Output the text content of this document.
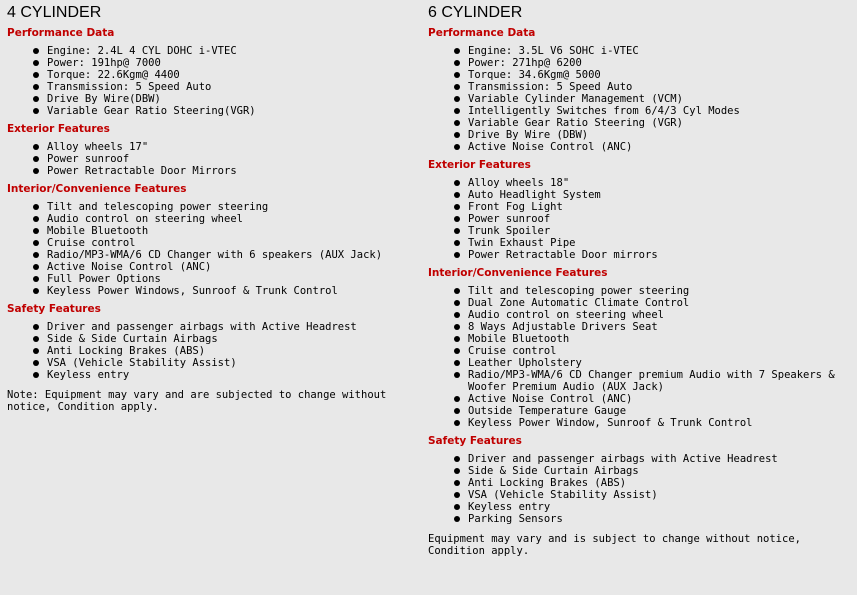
4 CYLINDER
Performance Data
Engine: 2.4L 4 CYL DOHC i-VTEC
Power: 191hp@ 7000
Torque: 22.6Kgm@ 4400
Transmission: 5 Speed Auto
Drive By Wire(DBW)
Variable Gear Ratio Steering(VGR)
Exterior Features
Alloy wheels 17"
Power sunroof
Power Retractable Door Mirrors
Interior/Convenience Features
Tilt and telescoping power steering
Audio control on steering wheel
Mobile Bluetooth
Cruise control
Radio/MP3-WMA/6 CD Changer with 6 speakers (AUX Jack)
Active Noise Control (ANC)
Full Power Options
Keyless Power Windows, Sunroof & Trunk Control
Safety Features
Driver and passenger airbags with Active Headrest
Side & Side Curtain Airbags
Anti Locking Brakes (ABS)
VSA (Vehicle Stability Assist)
Keyless entry

Note: Equipment may vary and are subjected to change without notice, Condition apply.

6 CYLINDER
Performance Data
Engine: 3.5L V6 SOHC i-VTEC
Power: 271hp@ 6200
Torque: 34.6Kgm@ 5000
Transmission: 5 Speed Auto
Variable Cylinder Management (VCM)
Intelligently Switches from 6/4/3 Cyl Modes
Variable Gear Ratio Steering (VGR)
Drive By Wire (DBW)
Active Noise Control (ANC)
Exterior Features
Alloy wheels 18"
Auto Headlight System
Front Fog Light
Power sunroof
Trunk Spoiler
Twin Exhaust Pipe
Power Retractable Door mirrors
Interior/Convenience Features
Tilt and telescoping power steering
Dual Zone Automatic Climate Control
Audio control on steering wheel
8 Ways Adjustable Drivers Seat
Mobile Bluetooth
Cruise control
Leather Upholstery
Radio/MP3-WMA/6 CD Changer premium Audio with 7 Speakers & Woofer Premium Audio (AUX Jack)
Active Noise Control (ANC)
Outside Temperature Gauge
Keyless Power Window, Sunroof & Trunk Control
Safety Features
Driver and passenger airbags with Active Headrest
Side & Side Curtain Airbags
Anti Locking Brakes (ABS)
VSA (Vehicle Stability Assist)
Keyless entry
Parking Sensors

Equipment may vary and is subject to change without notice, Condition apply.
